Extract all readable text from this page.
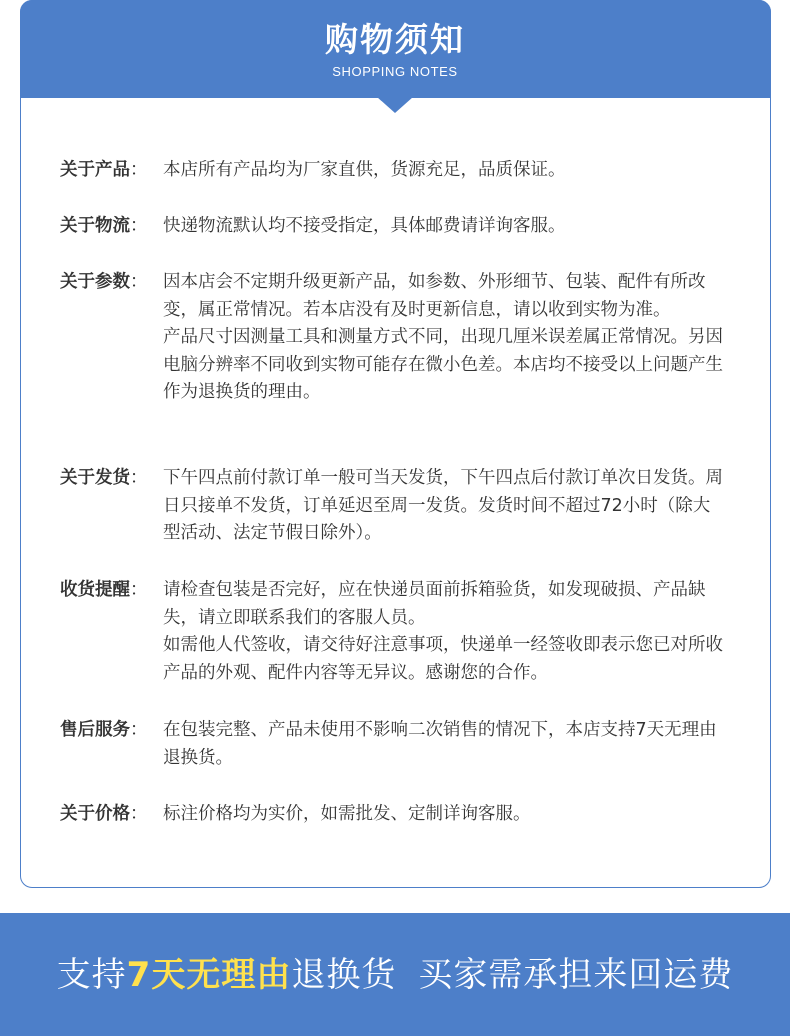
购物须知
SHOPPING NOTES
关于产品： 本店所有产品均为厂家直供，货源充足，品质保证。
关于物流： 快递物流默认均不接受指定，具体邮费请详询客服。
关于参数： 因本店会不定期升级更新产品，如参数、外形细节、包装、配件有所改变，属正常情况。若本店没有及时更新信息，请以收到实物为准。
产品尺寸因测量工具和测量方式不同，出现几厘米误差属正常情况。另因电脑分辨率不同收到实物可能存在微小色差。本店均不接受以上问题产生作为退换货的理由。
关于发货： 下午四点前付款订单一般可当天发货，下午四点后付款订单次日发货。周日只接单不发货，订单延迟至周一发货。发货时间不超过72小时（除大型活动、法定节假日除外）。
收货提醒： 请检查包装是否完好，应在快递员面前拆箱验货，如发现破损、产品缺失，请立即联系我们的客服人员。
如需他人代签收，请交待好注意事项，快递单一经签收即表示您已对所收产品的外观、配件内容等无异议。感谢您的合作。
售后服务： 在包装完整、产品未使用不影响二次销售的情况下，本店支持7天无理由退换货。
关于价格： 标注价格均为实价，如需批发、定制详询客服。
支持7天无理由退换货 买家需承担来回运费
